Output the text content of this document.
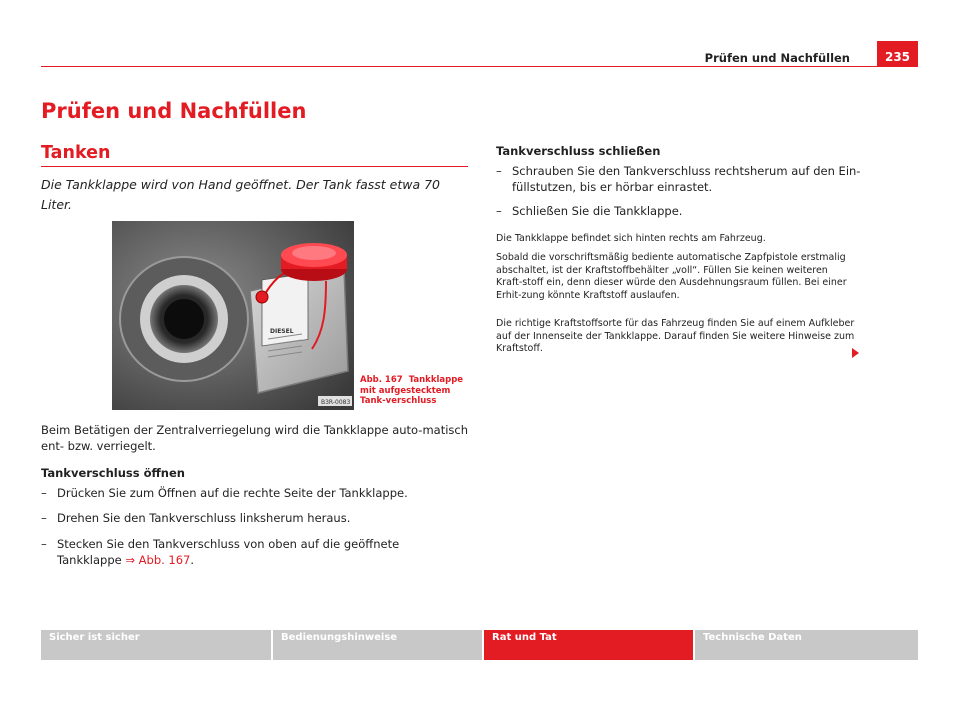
Prüfen und Nachfüllen	235
Prüfen und Nachfüllen
Tanken
Die Tankklappe wird von Hand geöffnet. Der Tank fasst etwa 70 Liter.
DIESEL
B3R-0083
Abb. 167 Tankklappe mit aufgestecktem Tank-verschluss
Beim Betätigen der Zentralverriegelung wird die Tankklappe auto-matisch ent- bzw. verriegelt.
Tankverschluss öffnen
– Drücken Sie zum Öffnen auf die rechte Seite der Tankklappe.
– Drehen Sie den Tankverschluss linksherum heraus.
– Stecken Sie den Tankverschluss von oben auf die geöffnete
Tankklappe ⇒ Abb. 167.
Tankverschluss schließen
– Schrauben Sie den Tankverschluss rechtsherum auf den Ein-
füllstutzen, bis er hörbar einrastet.
– Schließen Sie die Tankklappe.
Die Tankklappe befindet sich hinten rechts am Fahrzeug.
Sobald die vorschriftsmäßig bediente automatische Zapfpistole erstmalig abschaltet, ist der Kraftstoffbehälter „voll“. Füllen Sie keinen weiteren Kraft-stoff ein, denn dieser würde den Ausdehnungsraum füllen. Bei einer Erhit-zung könnte Kraftstoff auslaufen.
Die richtige Kraftstoffsorte für das Fahrzeug finden Sie auf einem Aufkleber auf der Innenseite der Tankklappe. Darauf finden Sie weitere Hinweise zum Kraftstoff.
Sicher ist sicher	Bedienungshinweise	Rat und Tat	Technische Daten
